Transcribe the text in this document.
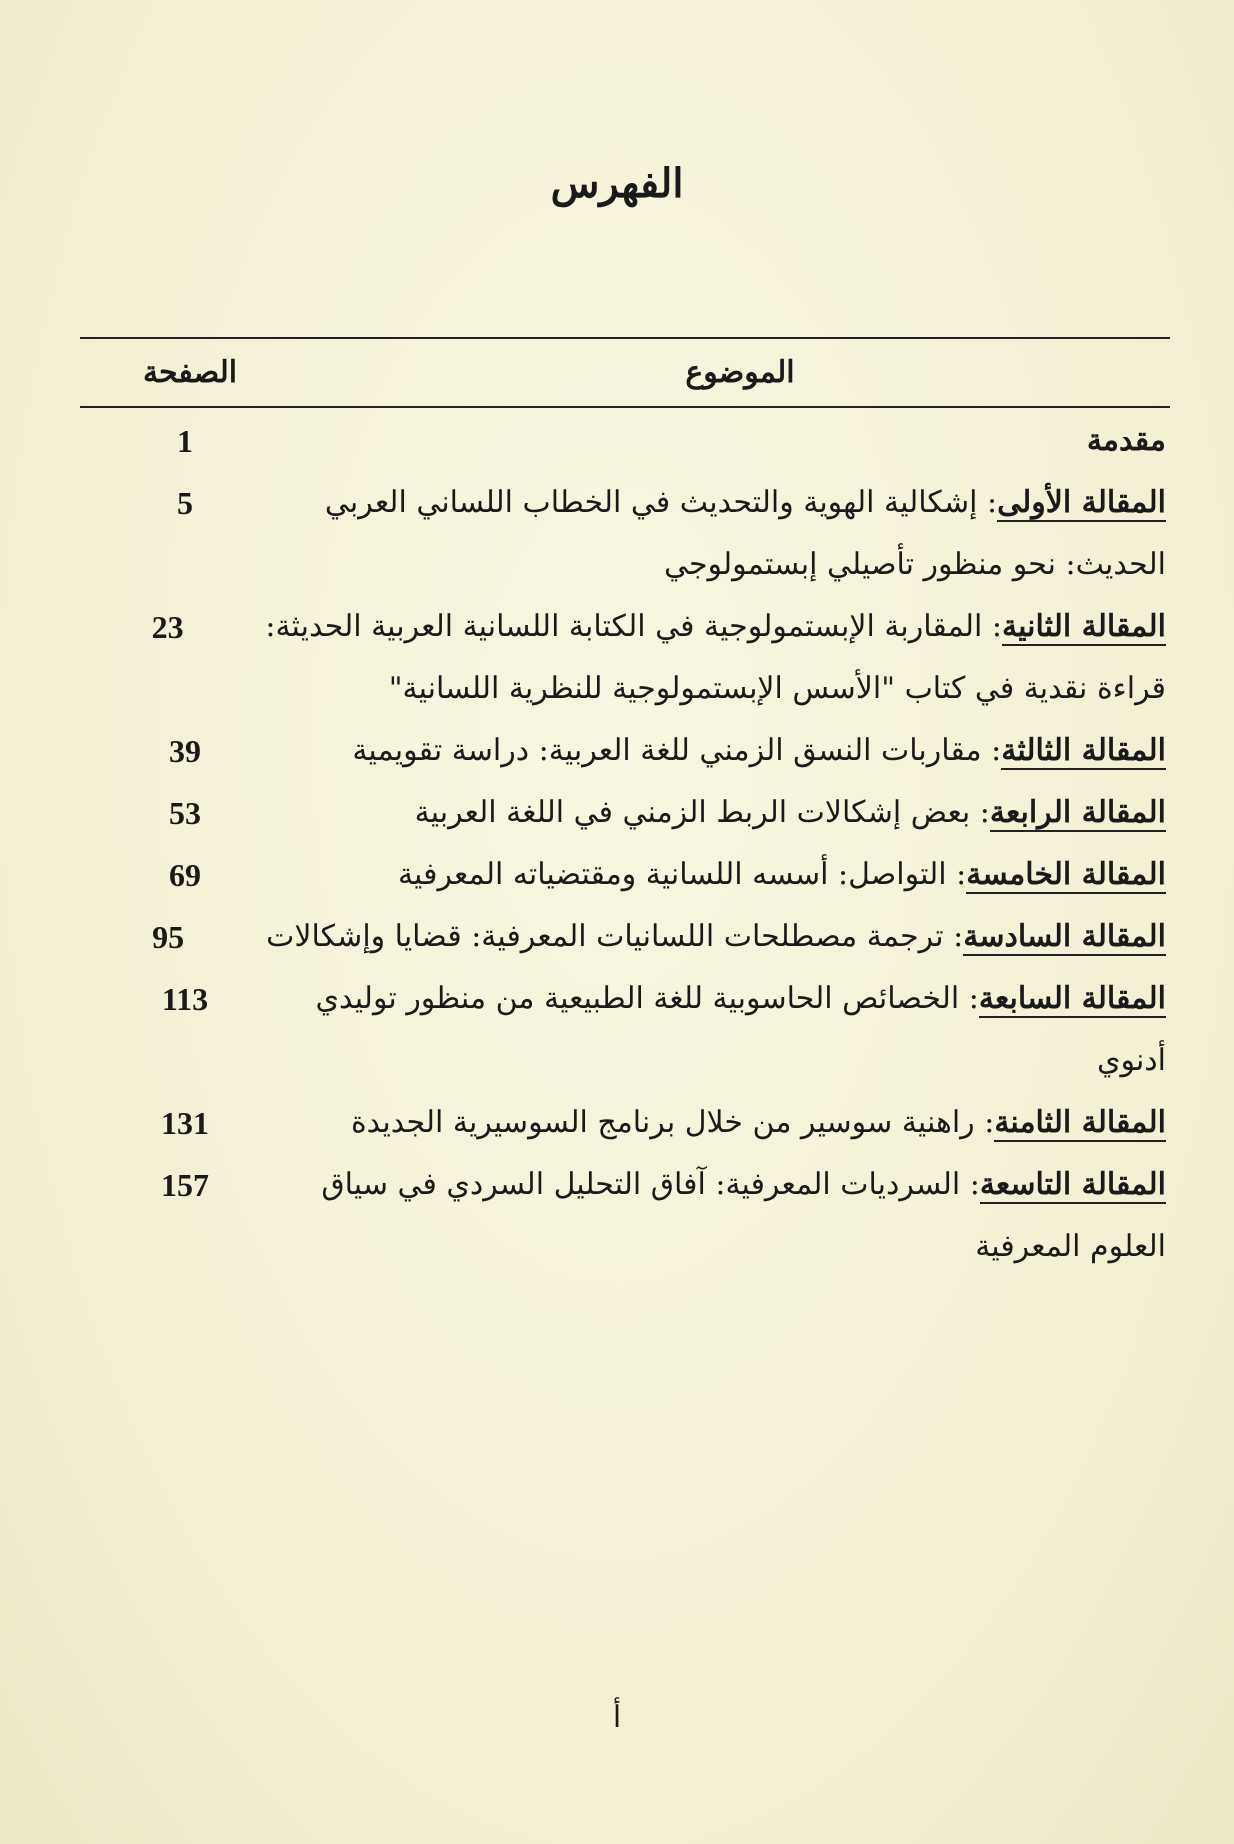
الفهرس
الموضوع
الصفحة
مقدمة
1
المقالة الأولى: إشكالية الهوية والتحديث في الخطاب اللساني العربي
الحديث: نحو منظور تأصيلي إبستمولوجي
5
المقالة الثانية: المقاربة الإبستمولوجية في الكتابة اللسانية العربية الحديثة:
قراءة نقدية في كتاب "الأسس الإبستمولوجية للنظرية اللسانية"
23
المقالة الثالثة: مقاربات النسق الزمني للغة العربية: دراسة تقويمية
39
المقالة الرابعة: بعض إشكالات الربط الزمني في اللغة العربية
53
المقالة الخامسة: التواصل: أسسه اللسانية ومقتضياته المعرفية
69
المقالة السادسة: ترجمة مصطلحات اللسانيات المعرفية: قضايا وإشكالات
95
المقالة السابعة: الخصائص الحاسوبية للغة الطبيعية من منظور توليدي
أدنوي
113
المقالة الثامنة: راهنية سوسير من خلال برنامج السوسيرية الجديدة
131
المقالة التاسعة: السرديات المعرفية: آفاق التحليل السردي في سياق
العلوم المعرفية
157
أ
